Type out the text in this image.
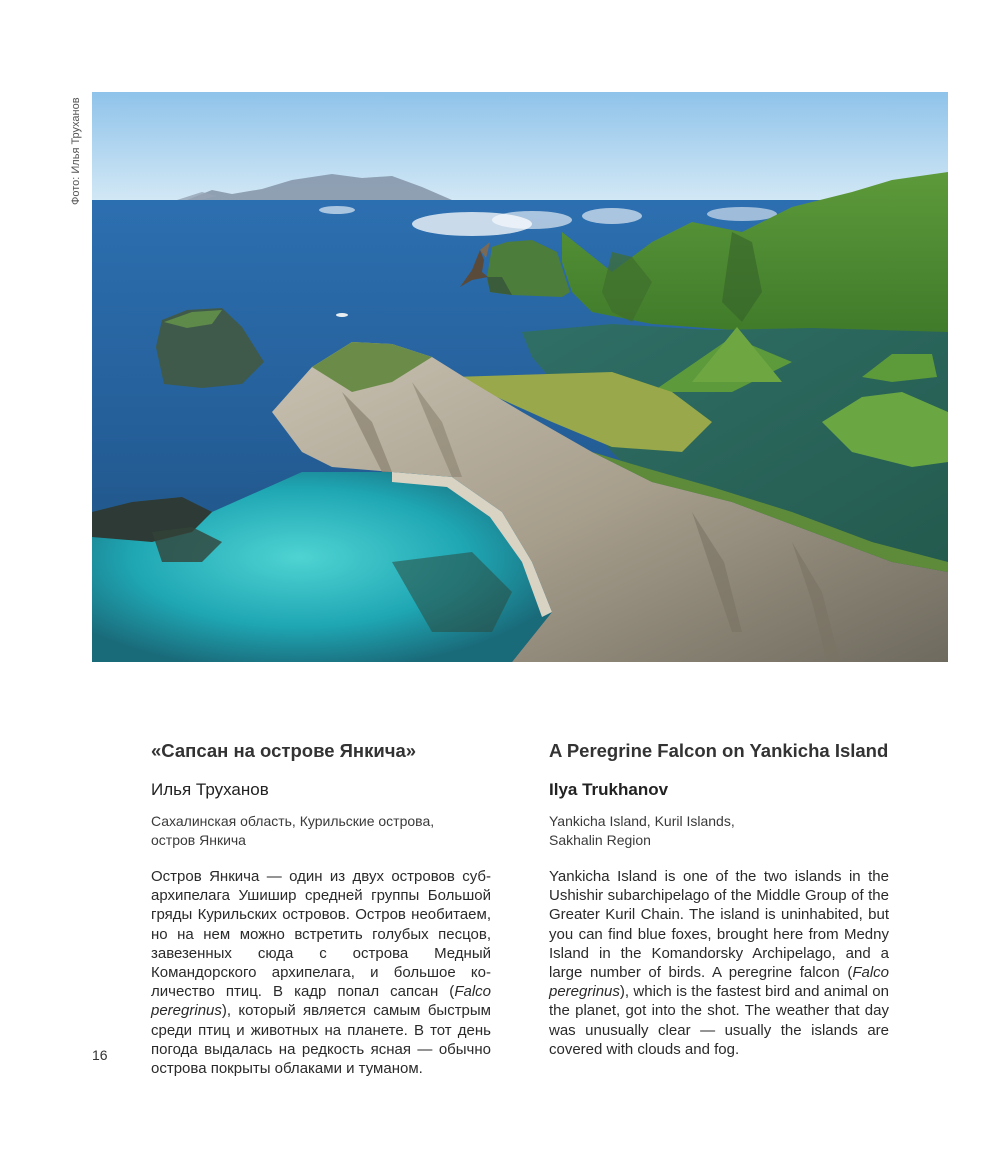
Фото: Илья Труханов
«Сапсан на острове Янкича»
Илья Труханов
Сахалинская область, Курильские острова,
остров Янкича

Остров Янкича — один из двух островов субархипелага Ушишир средней группы Большой гряды Курильских островов. Остров необитаем, но на нем можно встретить голубых песцов, завезенных сюда с острова Медный Командорского архипелага, и большое количество птиц. В кадр попал сапсан (Falco peregrinus), который является самым быстрым среди птиц и животных на планете. В тот день погода выдалась на редкость ясная — обычно острова покрыты облаками и туманом.

A Peregrine Falcon on Yankicha Island
Ilya Trukhanov
Yankicha Island, Kuril Islands,
Sakhalin Region

Yankicha Island is one of the two islands in the Ushishir subarchipelago of the Middle Group of the Greater Kuril Chain. The island is uninhabited, but you can find blue foxes, brought here from Medny Island in the Komandorsky Archipelago, and a large number of birds. A peregrine falcon (Falco peregrinus), which is the fastest bird and animal on the planet, got into the shot. The weather that day was unusually clear — usually the islands are covered with clouds and fog.

16
